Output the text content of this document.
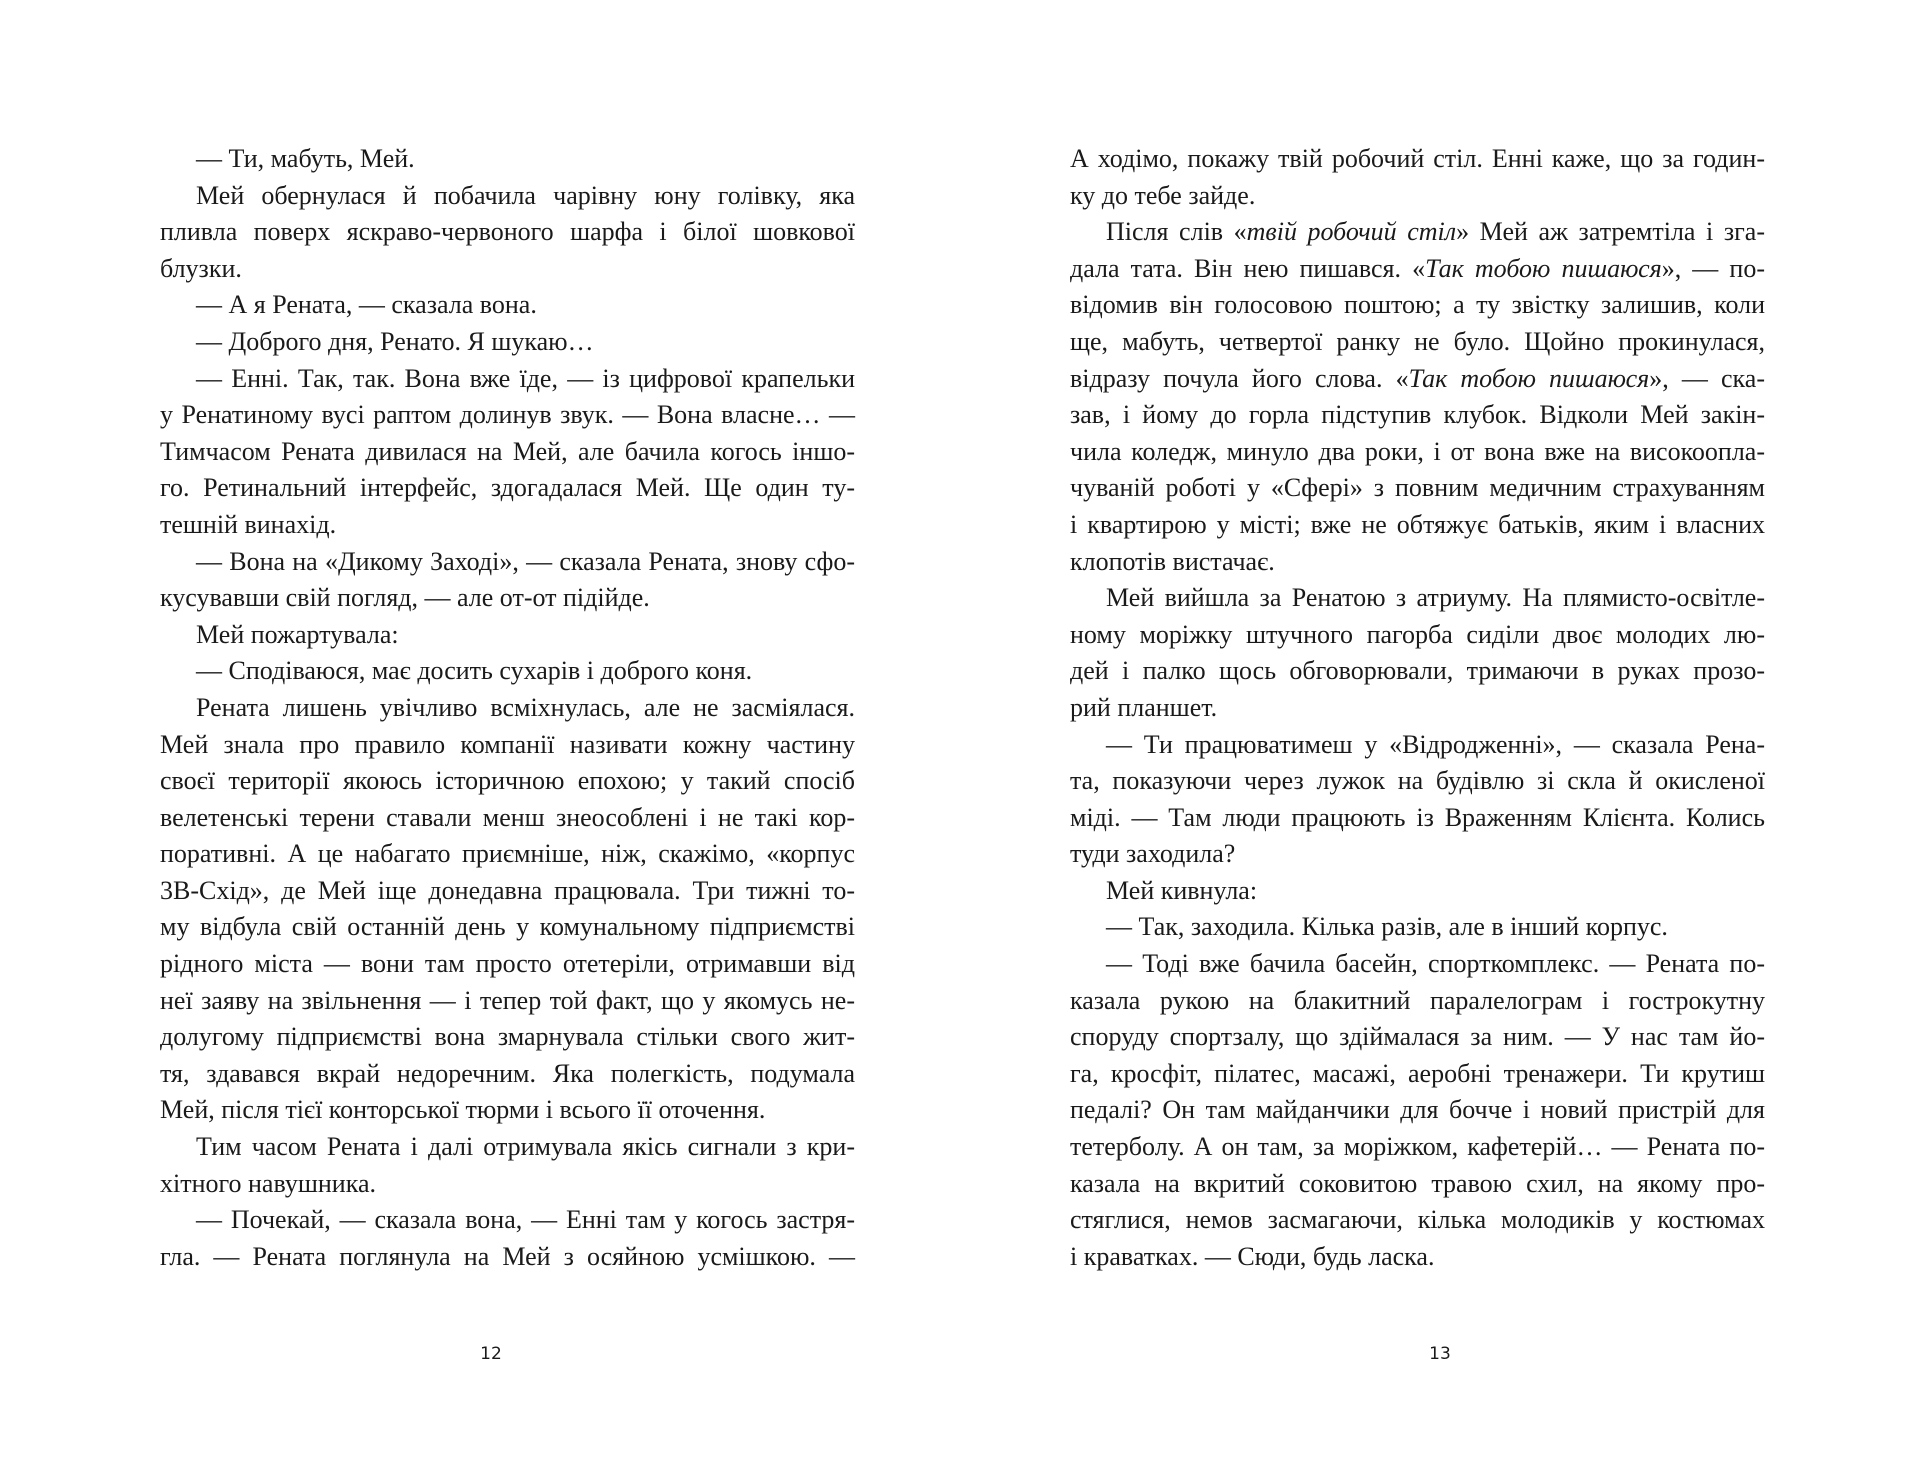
— Ти, мабуть, Мей.
Мей обернулася й побачила чарівну юну голівку, яка
пливла поверх яскраво-червоного шарфа і білої шовкової
блузки.
— А я Рената, — сказала вона.
— Доброго дня, Ренато. Я шукаю…
— Енні. Так, так. Вона вже їде, — із цифрової крапельки
у Ренатиному вусі раптом долинув звук. — Вона власне… —
Тимчасом Рената дивилася на Мей, але бачила когось іншо-
го. Ретинальний інтерфейс, здогадалася Мей. Ще один ту-
тешній винахід.
— Вона на «Дикому Заході», — сказала Рената, знову сфо-
кусувавши свій погляд, — але от-от підійде.
Мей пожартувала:
— Сподіваюся, має досить сухарів і доброго коня.
Рената лишень увічливо всміхнулась, але не засміялася.
Мей знала про правило компанії називати кожну частину
своєї території якоюсь історичною епохою; у такий спосіб
велетенські терени ставали менш знеособлені і не такі кор-
поративні. А це набагато приємніше, ніж, скажімо, «корпус
3В-Схід», де Мей іще донедавна працювала. Три тижні то-
му відбула свій останній день у комунальному підприємстві
рідного міста — вони там просто отетеріли, отримавши від
неї заяву на звільнення — і тепер той факт, що у якомусь не-
долугому підприємстві вона змарнувала стільки свого жит-
тя, здавався вкрай недоречним. Яка полегкість, подумала
Мей, після тієї конторської тюрми і всього її оточення.
Тим часом Рената і далі отримувала якісь сигнали з кри-
хітного навушника.
— Почекай, — сказала вона, — Енні там у когось застря-
гла. — Рената поглянула на Мей з осяйною усмішкою. —
12
А ходімо, покажу твій робочий стіл. Енні каже, що за годин-
ку до тебе зайде.
Після слів «твій робочий стіл» Мей аж затремтіла і зга-
дала тата. Він нею пишався. «Так тобою пишаюся», — по-
відомив він голосовою поштою; а ту звістку залишив, коли
ще, мабуть, четвертої ранку не було. Щойно прокинулася,
відразу почула його слова. «Так тобою пишаюся», — ска-
зав, і йому до горла підступив клубок. Відколи Мей закін-
чила коледж, минуло два роки, і от вона вже на високоопла-
чуваній роботі у «Сфері» з повним медичним страхуванням
і квартирою у місті; вже не обтяжує батьків, яким і власних
клопотів вистачає.
Мей вийшла за Ренатою з атриуму. На плямисто-освітле-
ному моріжку штучного пагорба сиділи двоє молодих лю-
дей і палко щось обговорювали, тримаючи в руках прозо-
рий планшет.
— Ти працюватимеш у «Відродженні», — сказала Рена-
та, показуючи через лужок на будівлю зі скла й окисленої
міді. — Там люди працюють із Враженням Клієнта. Колись
туди заходила?
Мей кивнула:
— Так, заходила. Кілька разів, але в інший корпус.
— Тоді вже бачила басейн, спорткомплекс. — Рената по-
казала рукою на блакитний паралелограм і гострокутну
споруду спортзалу, що здіймалася за ним. — У нас там йо-
га, кросфіт, пілатес, масажі, аеробні тренажери. Ти крутиш
педалі? Он там майданчики для бочче і новий пристрій для
тетерболу. А он там, за моріжком, кафетерій… — Рената по-
казала на вкритий соковитою травою схил, на якому про-
стяглися, немов засмагаючи, кілька молодиків у костюмах
і краватках. — Сюди, будь ласка.
13
